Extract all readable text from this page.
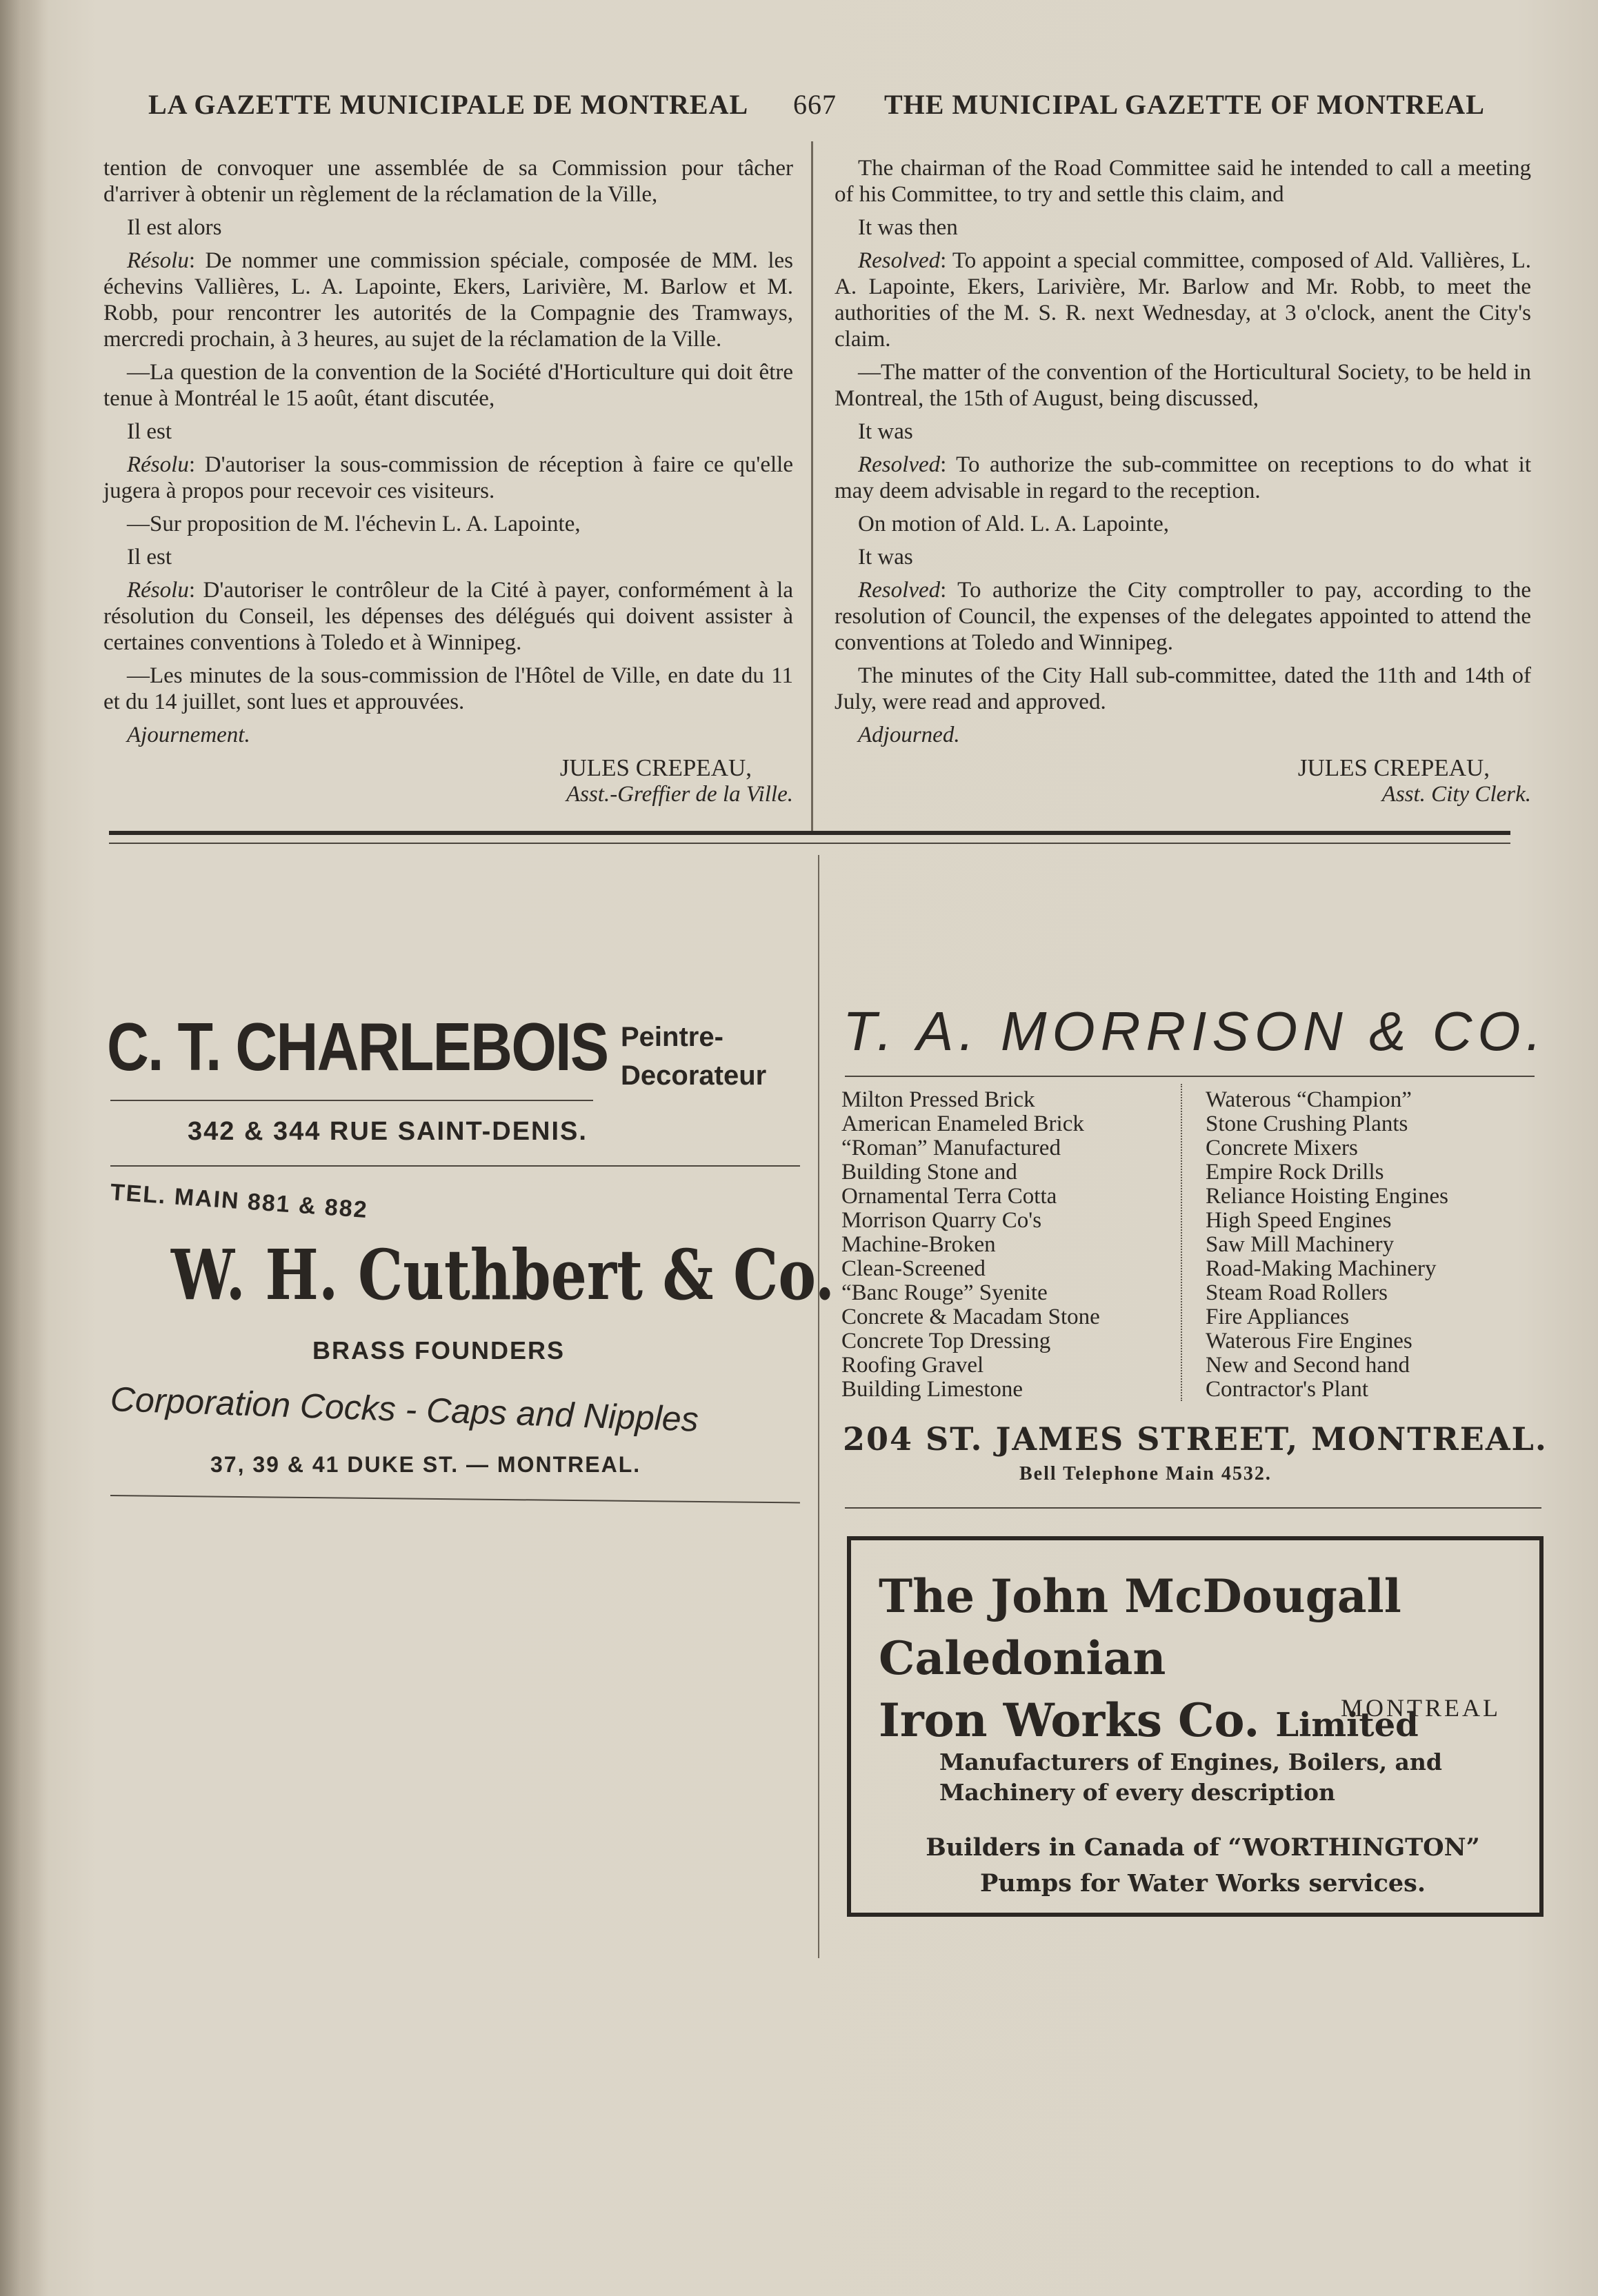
LA GAZETTE MUNICIPALE DE MONTREAL 667 THE MUNICIPAL GAZETTE OF MONTREAL

tention de convoquer une assemblée de sa Commission pour tâcher d'arriver à obtenir un règlement de la réclamation de la Ville,

Il est alors

Résolu: De nommer une commission spéciale, composée de MM. les échevins Vallières, L. A. Lapointe, Ekers, Larivière, M. Barlow et M. Robb, pour rencontrer les autorités de la Compagnie des Tramways, mercredi prochain, à 3 heures, au sujet de la réclamation de la Ville.

—La question de la convention de la Société d'Horticulture qui doit être tenue à Montréal le 15 août, étant discutée,

Il est

Résolu: D'autoriser la sous-commission de réception à faire ce qu'elle jugera à propos pour recevoir ces visiteurs.

—Sur proposition de M. l'échevin L. A. Lapointe,

Il est

Résolu: D'autoriser le contrôleur de la Cité à payer, conformément à la résolution du Conseil, les dépenses des délégués qui doivent assister à certaines conventions à Toledo et à Winnipeg.

—Les minutes de la sous-commission de l'Hôtel de Ville, en date du 11 et du 14 juillet, sont lues et approuvées.

Ajournement.

JULES CREPEAU,
Asst.-Greffier de la Ville.

The chairman of the Road Committee said he intended to call a meeting of his Committee, to try and settle this claim, and

It was then

Resolved: To appoint a special committee, composed of Ald. Vallières, L. A. Lapointe, Ekers, Larivière, Mr. Barlow and Mr. Robb, to meet the authorities of the M. S. R. next Wednesday, at 3 o'clock, anent the City's claim.

—The matter of the convention of the Horticultural Society, to be held in Montreal, the 15th of August, being discussed,

It was

Resolved: To authorize the sub-committee on receptions to do what it may deem advisable in regard to the reception.

On motion of Ald. L. A. Lapointe,

It was

Resolved: To authorize the City comptroller to pay, according to the resolution of Council, the expenses of the delegates appointed to attend the conventions at Toledo and Winnipeg.

The minutes of the City Hall sub-committee, dated the 11th and 14th of July, were read and approved.

Adjourned.

JULES CREPEAU,
Asst. City Clerk.
C. T. CHARLEBOIS Peintre-
Decorateur
342 & 344 RUE SAINT-DENIS.
TEL. MAIN 881 & 882
W. H. Cuthbert & Co.
BRASS FOUNDERS
Corporation Cocks - Caps and Nipples
37, 39 & 41 DUKE ST. — MONTREAL.
T. A. MORRISON & CO.
Milton Pressed Brick
American Enameled Brick
“Roman” Manufactured
Building Stone and
Ornamental Terra Cotta
Morrison Quarry Co's
Machine-Broken
Clean-Screened
“Banc Rouge” Syenite
Concrete & Macadam Stone
Concrete Top Dressing
Roofing Gravel
Building Limestone
Waterous “Champion”
Stone Crushing Plants
Concrete Mixers
Empire Rock Drills
Reliance Hoisting Engines
High Speed Engines
Saw Mill Machinery
Road-Making Machinery
Steam Road Rollers
Fire Appliances
Waterous Fire Engines
New and Second hand
Contractor's Plant
204 ST. JAMES STREET, MONTREAL.
Bell Telephone Main 4532.
The John McDougall Caledonian
Iron Works Co. Limited
MONTREAL
Manufacturers of Engines, Boilers, and
Machinery of every description
Builders in Canada of “WORTHINGTON”
Pumps for Water Works services.
